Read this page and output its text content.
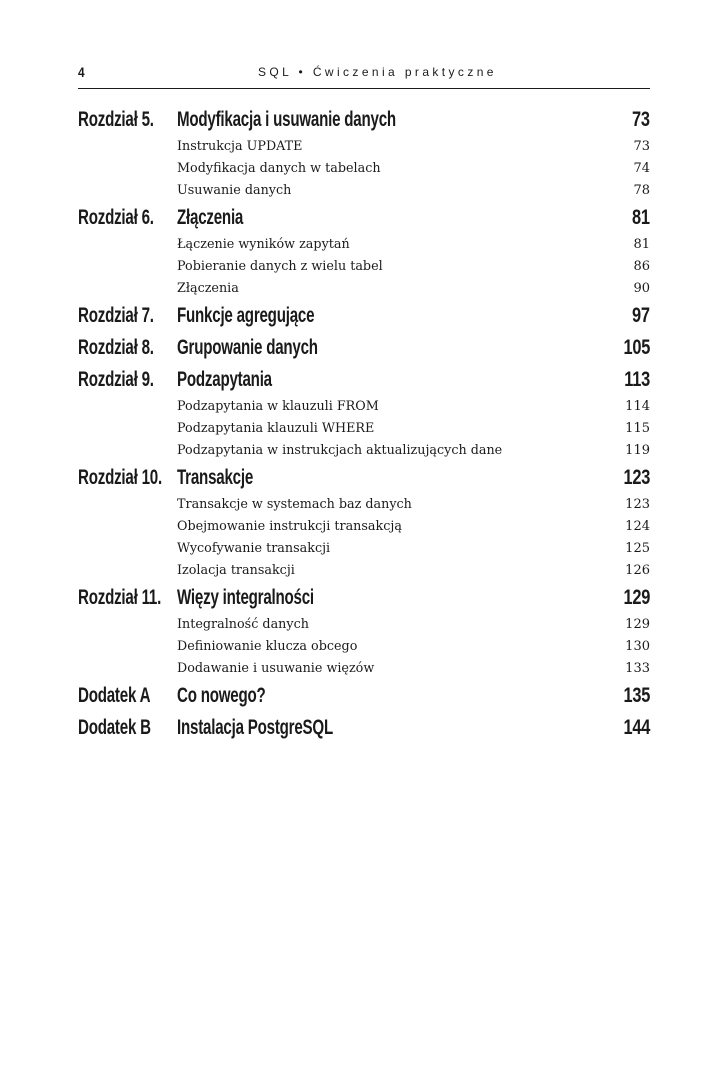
4	SQL • Ćwiczenia praktyczne
Rozdział 5. Modyfikacja i usuwanie danych	73
Instrukcja UPDATE	73
Modyfikacja danych w tabelach	74
Usuwanie danych	78
Rozdział 6. Złączenia	81
Łączenie wyników zapytań	81
Pobieranie danych z wielu tabel	86
Złączenia	90
Rozdział 7. Funkcje agregujące	97
Rozdział 8. Grupowanie danych	105
Rozdział 9. Podzapytania	113
Podzapytania w klauzuli FROM	114
Podzapytania klauzuli WHERE	115
Podzapytania w instrukcjach aktualizujących dane	119
Rozdział 10. Transakcje	123
Transakcje w systemach baz danych	123
Obejmowanie instrukcji transakcją	124
Wycofywanie transakcji	125
Izolacja transakcji	126
Rozdział 11. Więzy integralności	129
Integralność danych	129
Definiowanie klucza obcego	130
Dodawanie i usuwanie więzów	133
Dodatek A Co nowego?	135
Dodatek B Instalacja PostgreSQL	144
